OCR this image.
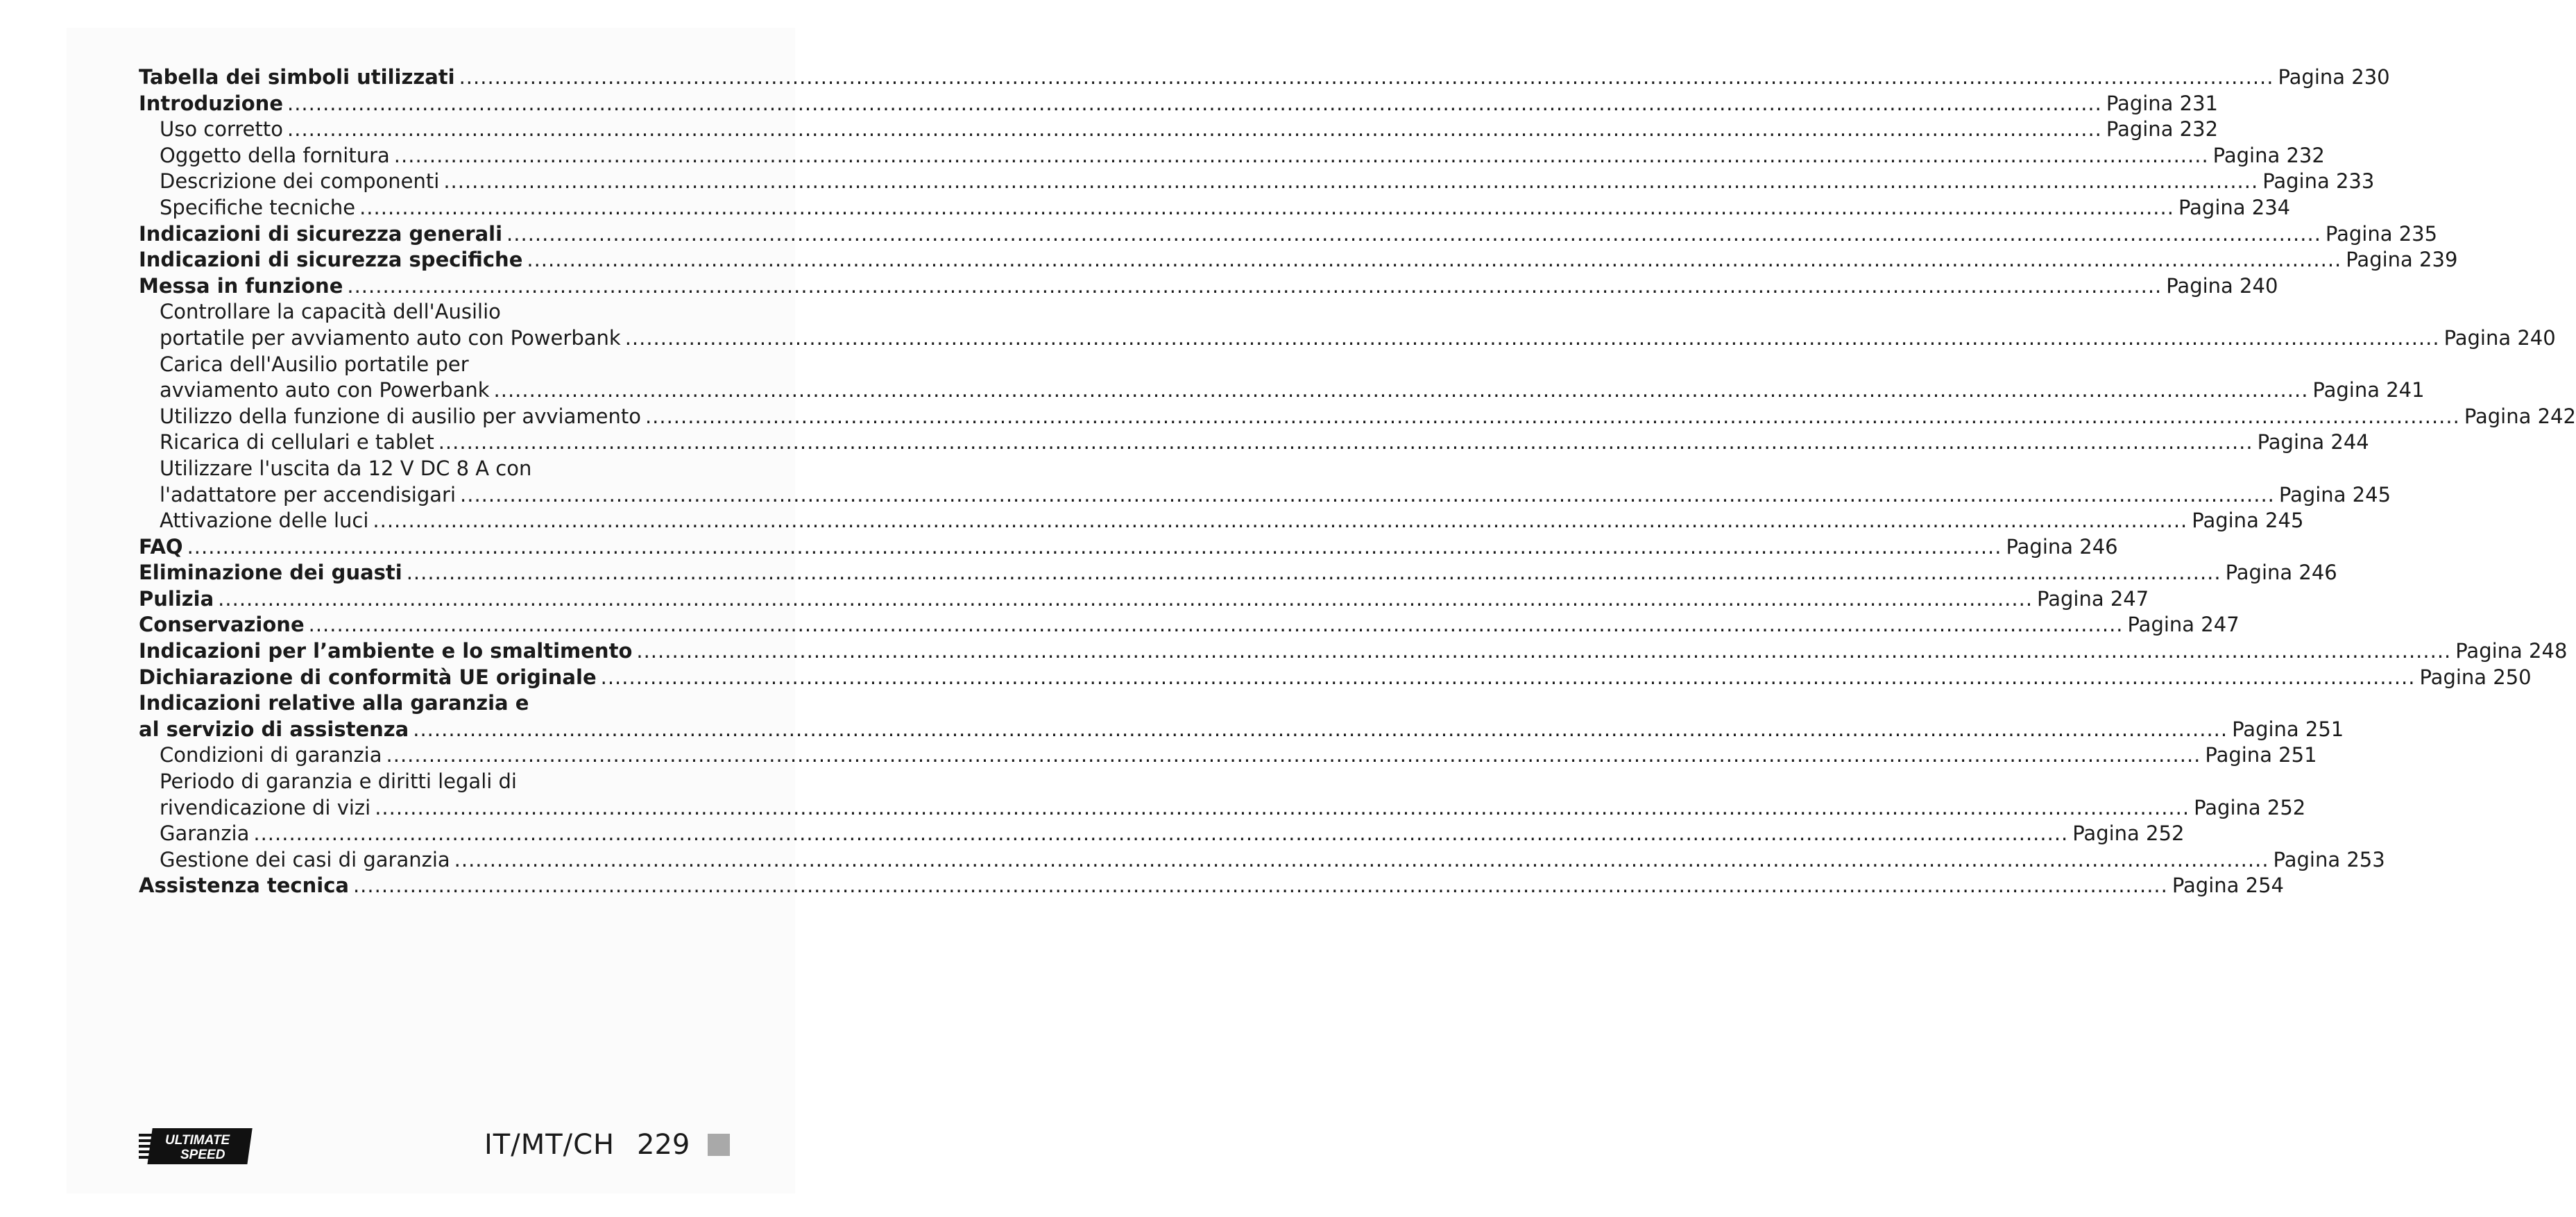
Tabella dei simboli utilizzati .....	Pagina 230
Introduzione .....	Pagina 231
Uso corretto .....	Pagina 232
Oggetto della fornitura .....	Pagina 232
Descrizione dei componenti .....	Pagina 233
Specifiche tecniche .....	Pagina 234
Indicazioni di sicurezza generali .....	Pagina 235
Indicazioni di sicurezza specifiche .....	Pagina 239
Messa in funzione .....	Pagina 240
Controllare la capacità dell'Ausilio
portatile per avviamento auto con Powerbank .....	Pagina 240
Carica dell'Ausilio portatile per
avviamento auto con Powerbank .....	Pagina 241
Utilizzo della funzione di ausilio per avviamento .....	Pagina 242
Ricarica di cellulari e tablet .....	Pagina 244
Utilizzare l'uscita da 12 V DC 8 A con
l'adattatore per accendisigari .....	Pagina 245
Attivazione delle luci .....	Pagina 245
FAQ .....	Pagina 246
Eliminazione dei guasti .....	Pagina 246
Pulizia .....	Pagina 247
Conservazione .....	Pagina 247
Indicazioni per l’ambiente e lo smaltimento .....	Pagina 248
Dichiarazione di conformità UE originale .....	Pagina 250
Indicazioni relative alla garanzia e
al servizio di assistenza .....	Pagina 251
Condizioni di garanzia .....	Pagina 251
Periodo di garanzia e diritti legali di
rivendicazione di vizi .....	Pagina 252
Garanzia .....	Pagina 252
Gestione dei casi di garanzia .....	Pagina 253
Assistenza tecnica .....	Pagina 254
ULTIMATE
SPEED	IT/MT/CH 229
